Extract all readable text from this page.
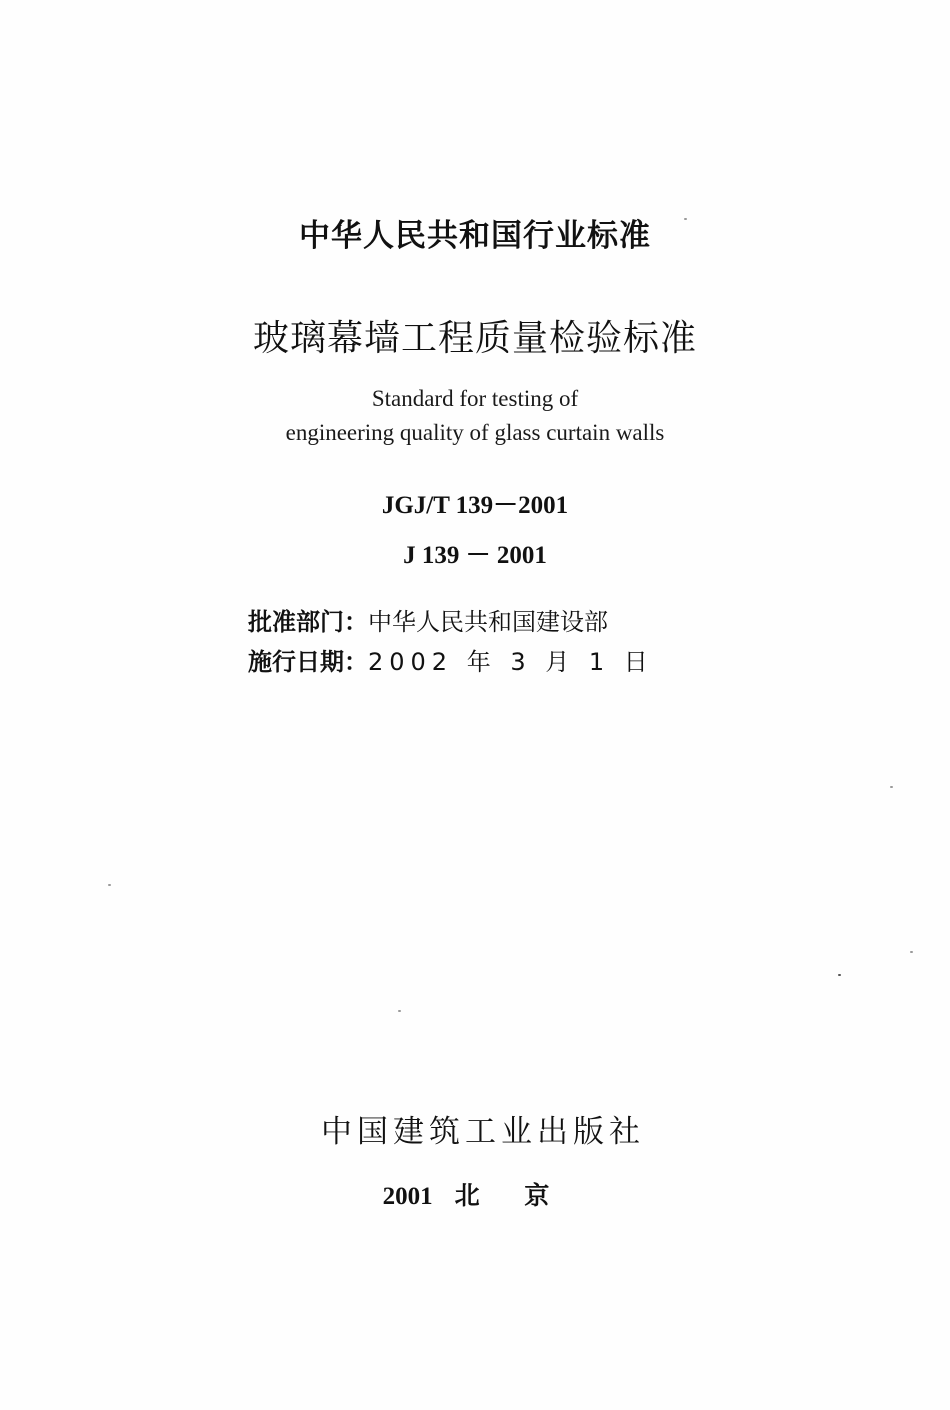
中华人民共和国行业标准
玻璃幕墙工程质量检验标准
Standard for testing of
engineering quality of glass curtain walls
JGJ/T 139－2001
J 139 － 2001
批准部门：中华人民共和国建设部
施行日期：2002 年 3 月 1 日
中国建筑工业出版社
2001 北 京
